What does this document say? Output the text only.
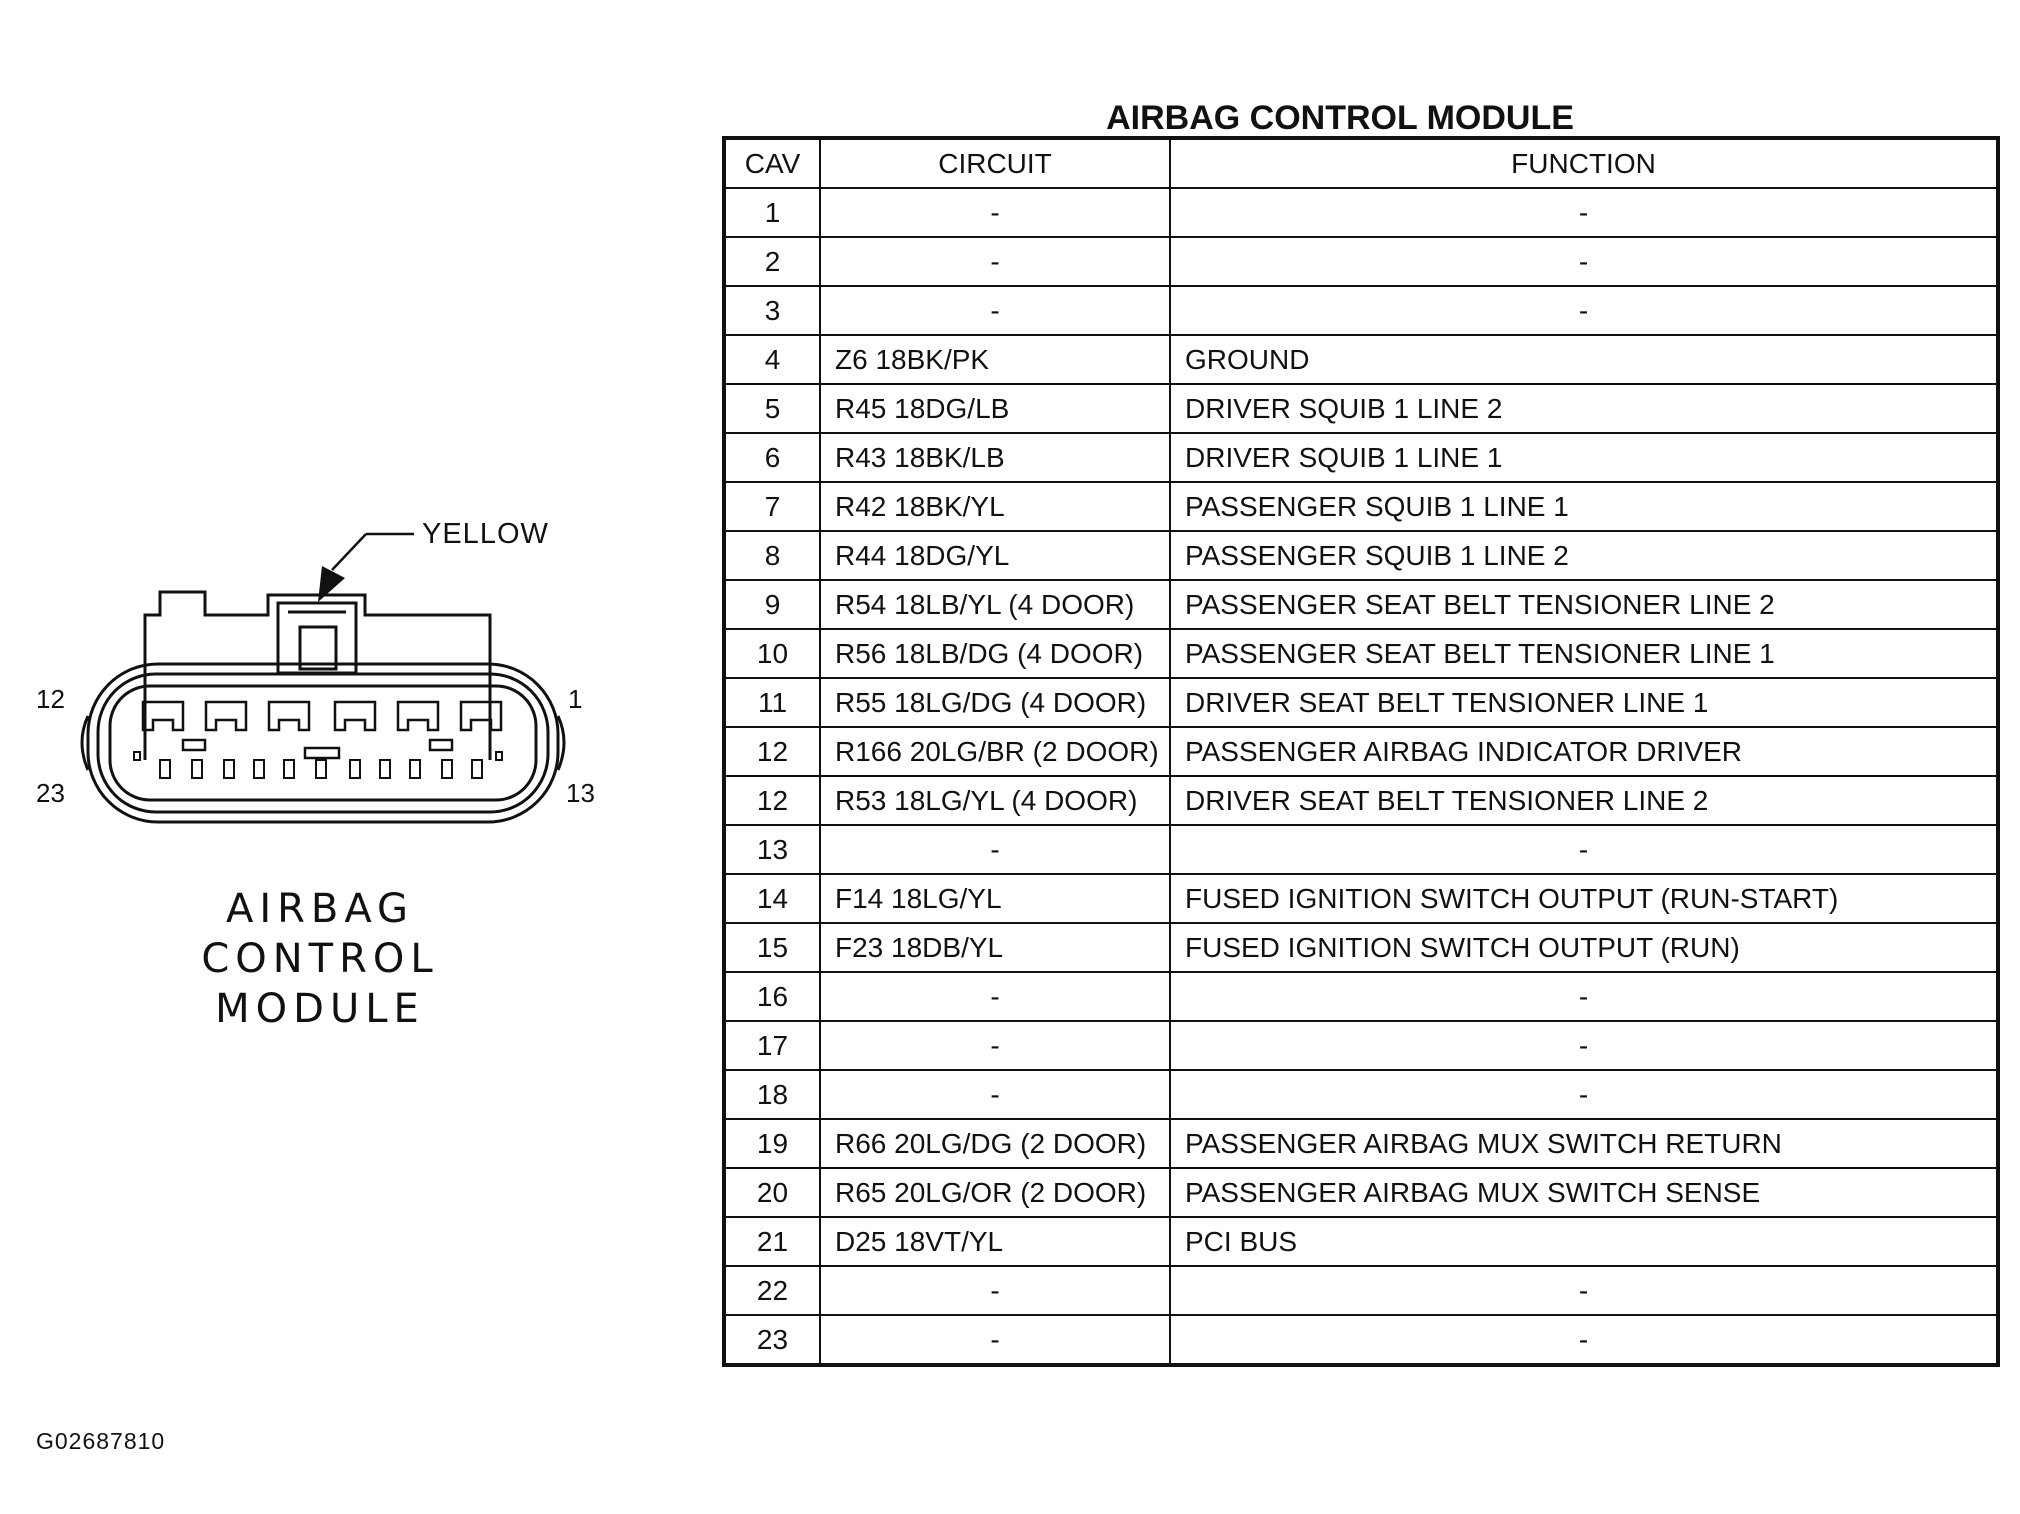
YELLOW
12	1
23	13
AIRBAG CONTROL
MODULE
AIRBAG CONTROL MODULE
CAV	CIRCUIT	FUNCTION
1	-	-
2	-	-
3	-	-
4	Z6 18BK/PK	GROUND
5	R45 18DG/LB	DRIVER SQUIB 1 LINE 2
6	R43 18BK/LB	DRIVER SQUIB 1 LINE 1
7	R42 18BK/YL	PASSENGER SQUIB 1 LINE 1
8	R44 18DG/YL	PASSENGER SQUIB 1 LINE 2
9	R54 18LB/YL (4 DOOR)	PASSENGER SEAT BELT TENSIONER LINE 2
10	R56 18LB/DG (4 DOOR)	PASSENGER SEAT BELT TENSIONER LINE 1
11	R55 18LG/DG (4 DOOR)	DRIVER SEAT BELT TENSIONER LINE 1
12	R166 20LG/BR (2 DOOR)	PASSENGER AIRBAG INDICATOR DRIVER
12	R53 18LG/YL (4 DOOR)	DRIVER SEAT BELT TENSIONER LINE 2
13	-	-
14	F14 18LG/YL	FUSED IGNITION SWITCH OUTPUT (RUN-START)
15	F23 18DB/YL	FUSED IGNITION SWITCH OUTPUT (RUN)
16	-	-
17	-	-
18	-	-
19	R66 20LG/DG (2 DOOR)	PASSENGER AIRBAG MUX SWITCH RETURN
20	R65 20LG/OR (2 DOOR)	PASSENGER AIRBAG MUX SWITCH SENSE
21	D25 18VT/YL	PCI BUS
22	-	-
23	-	-
G02687810
